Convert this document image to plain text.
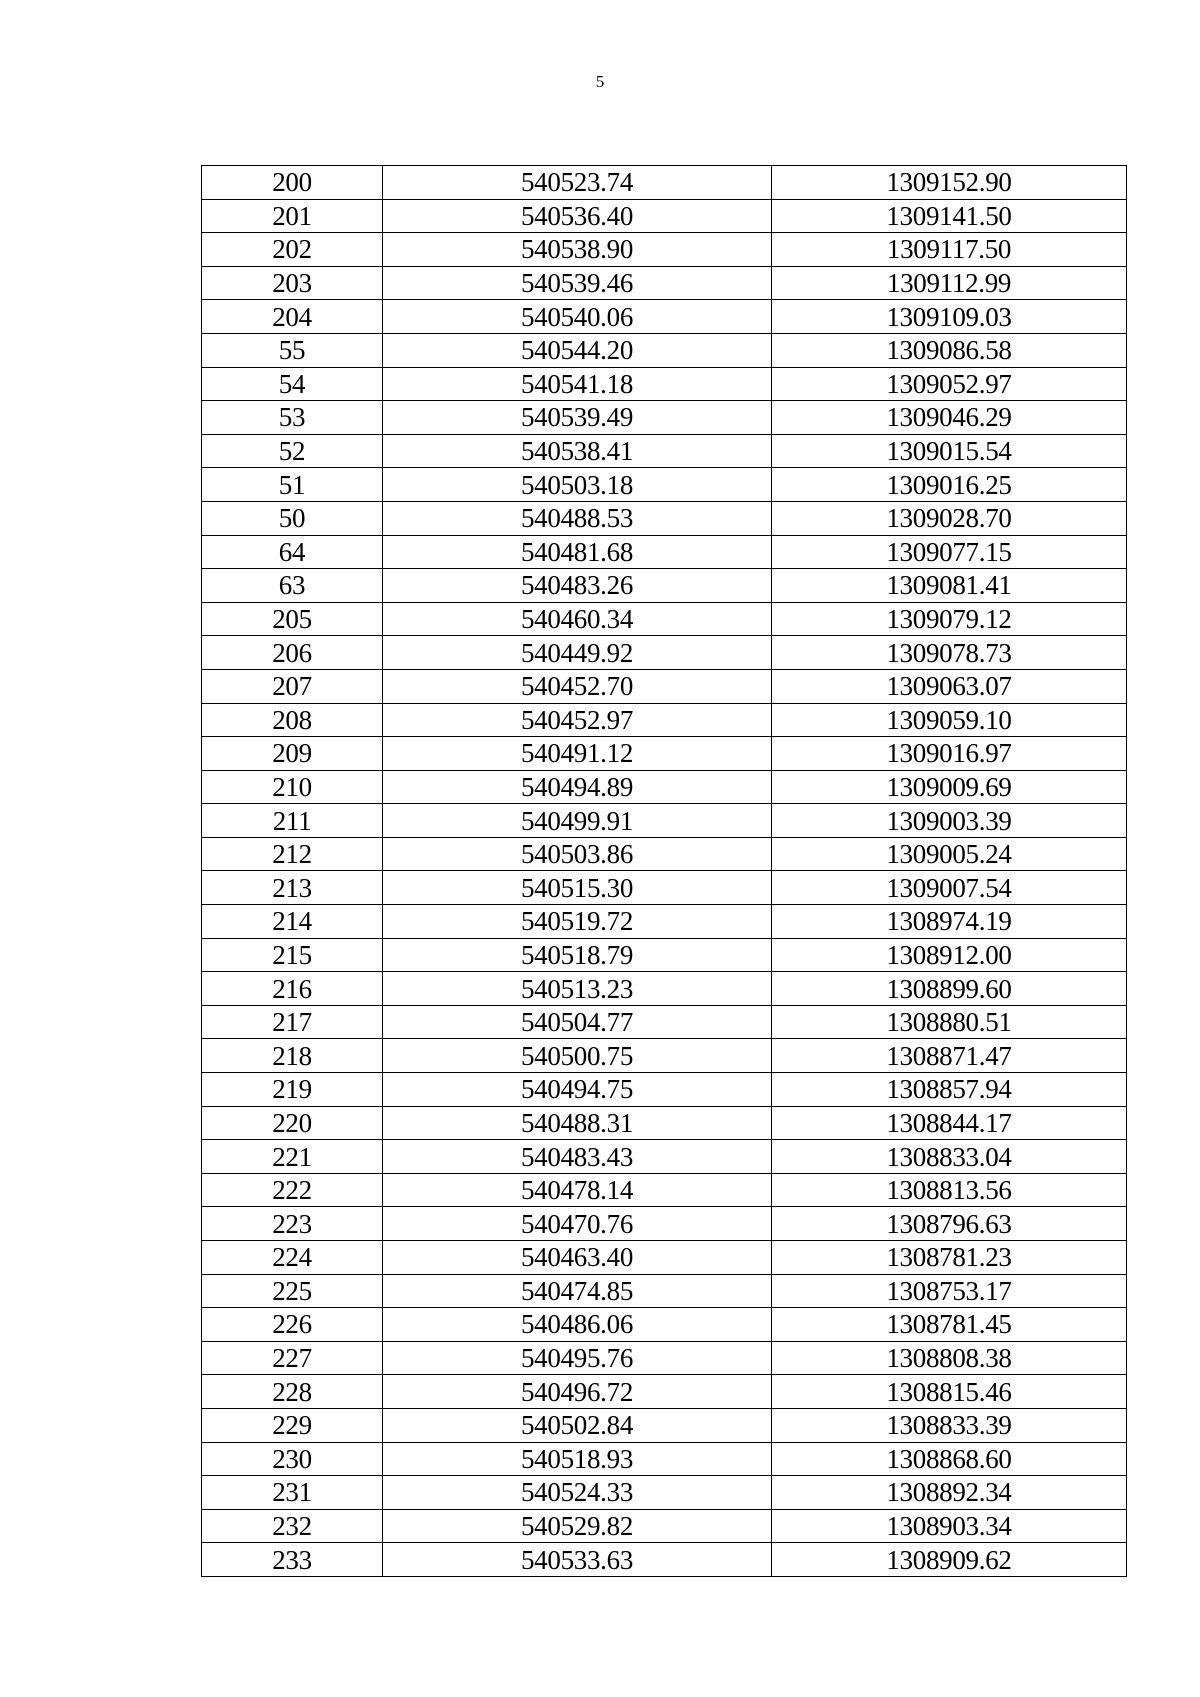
5
200	540523.74	1309152.90
201	540536.40	1309141.50
202	540538.90	1309117.50
203	540539.46	1309112.99
204	540540.06	1309109.03
55	540544.20	1309086.58
54	540541.18	1309052.97
53	540539.49	1309046.29
52	540538.41	1309015.54
51	540503.18	1309016.25
50	540488.53	1309028.70
64	540481.68	1309077.15
63	540483.26	1309081.41
205	540460.34	1309079.12
206	540449.92	1309078.73
207	540452.70	1309063.07
208	540452.97	1309059.10
209	540491.12	1309016.97
210	540494.89	1309009.69
211	540499.91	1309003.39
212	540503.86	1309005.24
213	540515.30	1309007.54
214	540519.72	1308974.19
215	540518.79	1308912.00
216	540513.23	1308899.60
217	540504.77	1308880.51
218	540500.75	1308871.47
219	540494.75	1308857.94
220	540488.31	1308844.17
221	540483.43	1308833.04
222	540478.14	1308813.56
223	540470.76	1308796.63
224	540463.40	1308781.23
225	540474.85	1308753.17
226	540486.06	1308781.45
227	540495.76	1308808.38
228	540496.72	1308815.46
229	540502.84	1308833.39
230	540518.93	1308868.60
231	540524.33	1308892.34
232	540529.82	1308903.34
233	540533.63	1308909.62
